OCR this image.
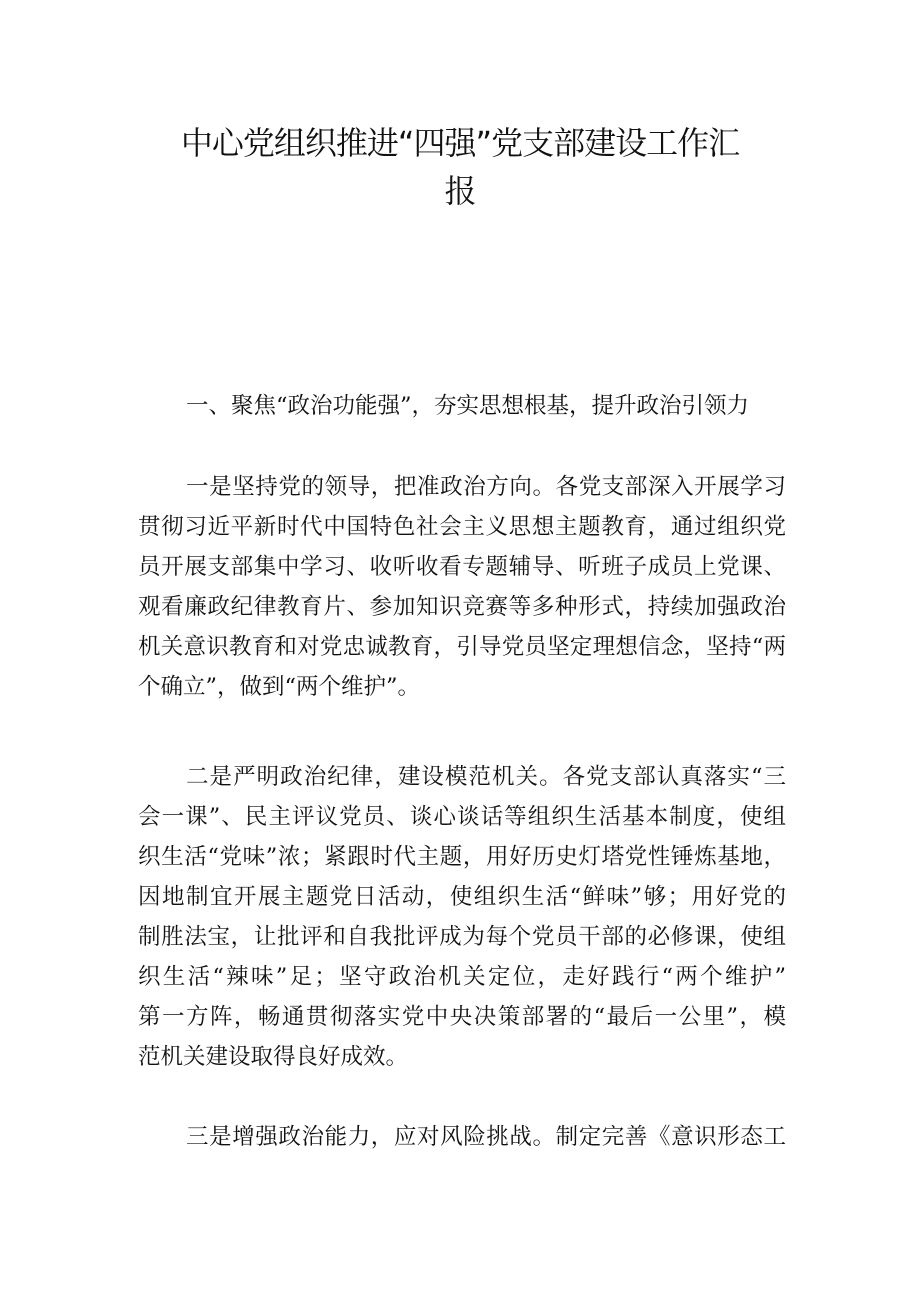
中心党组织推进“四强”党支部建设工作汇
报
一、聚焦“政治功能强”，夯实思想根基，提升政治引领力
一是坚持党的领导，把准政治方向。各党支部深入开展学习
贯彻习近平新时代中国特色社会主义思想主题教育，通过组织党
员开展支部集中学习、收听收看专题辅导、听班子成员上党课、
观看廉政纪律教育片、参加知识竞赛等多种形式，持续加强政治
机关意识教育和对党忠诚教育，引导党员坚定理想信念，坚持“两
个确立”，做到“两个维护”。
二是严明政治纪律，建设模范机关。各党支部认真落实“三
会一课”、民主评议党员、谈心谈话等组织生活基本制度，使组
织生活“党味”浓；紧跟时代主题，用好历史灯塔党性锤炼基地，
因地制宜开展主题党日活动，使组织生活“鲜味”够；用好党的
制胜法宝，让批评和自我批评成为每个党员干部的必修课，使组
织生活“辣味”足；坚守政治机关定位，走好践行“两个维护”
第一方阵，畅通贯彻落实党中央决策部署的“最后一公里”，模
范机关建设取得良好成效。
三是增强政治能力，应对风险挑战。制定完善《意识形态工
